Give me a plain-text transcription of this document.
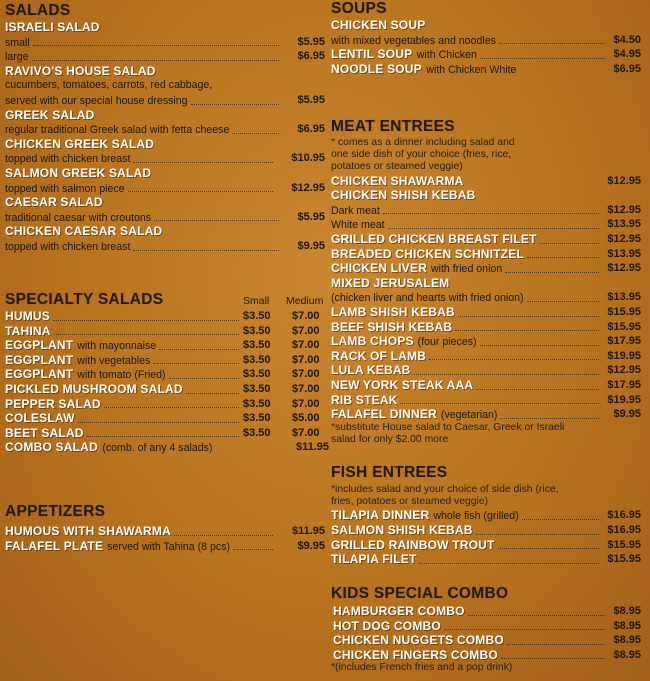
SALADS
ISRAELI SALAD
small	$5.95
large	$6.95
RAVIVO'S HOUSE SALAD
cucumbers, tomatoes, carrots, red cabbage,
served with our special house dressing	$5.95
GREEK SALAD
regular traditional Greek salad with fetta cheese	$6.95
CHICKEN GREEK SALAD
topped with chicken breast	$10.95
SALMON GREEK SALAD
topped with salmon piece	$12.95
CAESAR SALAD
traditional caesar with croutons	$5.95
CHICKEN CAESAR SALAD
topped with chicken breast	$9.95
SPECIALTY SALADS	Small Medium
HUMUS	$3.50 $7.00
TAHINA	$3.50 $7.00
EGGPLANT with mayonnaise	$3.50 $7.00
EGGPLANT with vegetables	$3.50 $7.00
EGGPLANT with tomato (Fried)	$3.50 $7.00
PICKLED MUSHROOM SALAD	$3.50 $7.00
PEPPER SALAD	$3.50 $7.00
COLESLAW	$3.50 $5.00
BEET SALAD	$3.50 $7.00
COMBO SALAD (comb. of any 4 salads)	$11.95
APPETIZERS
HUMOUS WITH SHAWARMA	$11.95
FALAFEL PLATE served with Tahina (8 pcs)	$9.95
SOUPS
CHICKEN SOUP
with mixed vegetables and noodles	$4.50
LENTIL SOUP with Chicken	$4.95
NOODLE SOUP with Chicken White	$6.95
MEAT ENTREES
* comes as a dinner including salad and
one side dish of your choice (fries, rice,
potatoes or steamed veggie)
CHICKEN SHAWARMA	$12.95
CHICKEN SHISH KEBAB
Dark meat	$12.95
White meat	$13.95
GRILLED CHICKEN BREAST FILET	$12.95
BREADED CHICKEN SCHNITZEL	$13.95
CHICKEN LIVER with fried onion	$12.95
MIXED JERUSALEM
(chicken liver and hearts with fried onion)	$13.95
LAMB SHISH KEBAB	$15.95
BEEF SHISH KEBAB	$15.95
LAMB CHOPS (four pieces)	$17.95
RACK OF LAMB	$19.95
LULA KEBAB	$12.95
NEW YORK STEAK AAA	$17.95
RIB STEAK	$19.95
FALAFEL DINNER (vegetarian)	$9.95
*substitute House salad to Caesar, Greek or Israeli
salad for only $2.00 more
FISH ENTREES
*includes salad and your choice of side dish (rice,
fries, potatoes or steamed veggie)
TILAPIA DINNER whole fish (grilled)	$16.95
SALMON SHISH KEBAB	$16.95
GRILLED RAINBOW TROUT	$15.95
TILAPIA FILET	$15.95
KIDS SPECIAL COMBO
HAMBURGER COMBO	$8.95
HOT DOG COMBO	$8.95
CHICKEN NUGGETS COMBO	$8.95
CHICKEN FINGERS COMBO	$8.95
*(includes French fries and a pop drink)
